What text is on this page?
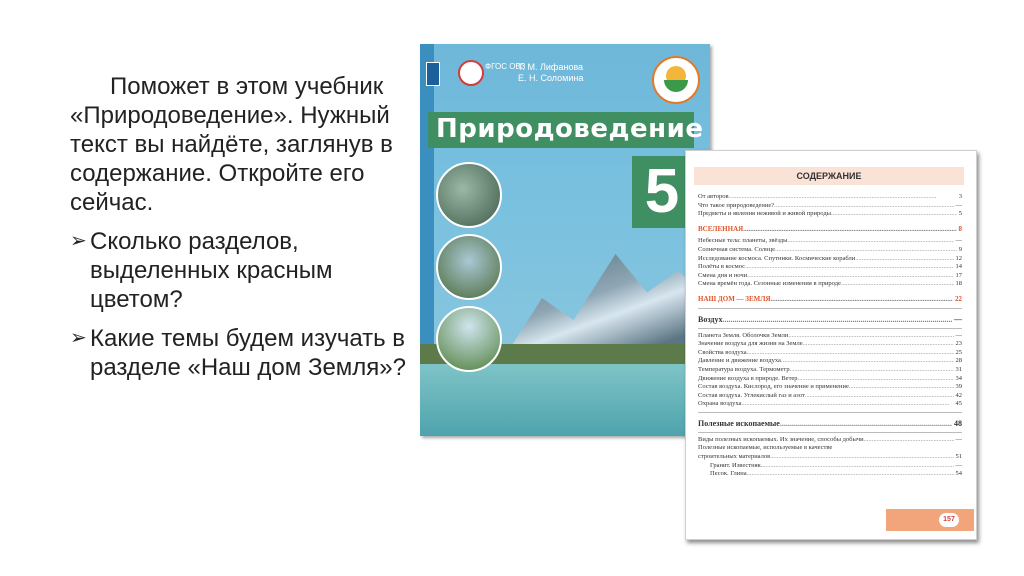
Поможет в этом учебник «Природоведение». Нужный текст вы найдёте, заглянув в содержание. Откройте его сейчас.

➢ Сколько разделов, выделенных красным цветом?
➢ Какие темы будем изучать в разделе «Наш дом Земля»?
ФГОС ОВЗ
Т. М. Лифанова
Е. Н. Соломина
Природоведение
5	СОДЕРЖАНИЕ
От авторов .....	3
Что такое природоведение? .....	—
Предметы и явления неживой и живой природы .....	5
ВСЕЛЕННАЯ .....	8
Небесные тела: планеты, звёзды .....	—
Солнечная система. Солнце .....	9
Исследование космоса. Спутники. Космические корабли .....	12
Полёты в космос .....	14
Смена дня и ночи .....	17
Смена времён года. Сезонные изменения в природе .....	18
НАШ ДОМ — ЗЕМЛЯ .....	22
Воздух .....	—
Планета Земля. Оболочки Земли .....	—
Значение воздуха для жизни на Земле .....	23
Свойства воздуха .....	25
Давление и движение воздуха .....	28
Температура воздуха. Термометр .....	31
Движение воздуха в природе. Ветер .....	34
Состав воздуха. Кислород, его значение и применение .....	39
Состав воздуха. Углекислый газ и азот .....	42
Охрана воздуха .....	45
Полезные ископаемые .....	48
Виды полезных ископаемых. Их значение, способы добычи .....	—
Полезные ископаемые, используемые в качестве
строительных материалов .....	51
Гранит. Известняк .....	—
Песок. Глина .....	54
157
